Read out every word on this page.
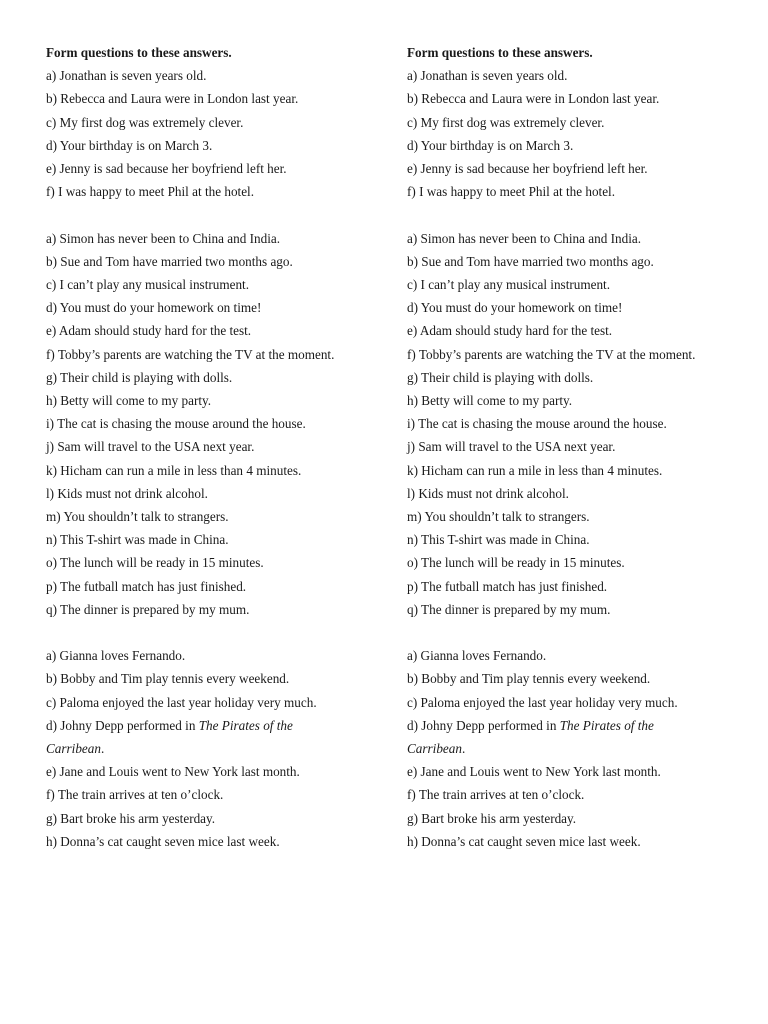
Form questions to these answers.
a) Jonathan is seven years old.
b) Rebecca and Laura were in London last year.
c) My first dog was extremely clever.
d) Your birthday is on March 3.
e) Jenny is sad because her boyfriend left her.
f) I was happy to meet Phil at the hotel.
a) Simon has never been to China and India.
b) Sue and Tom have married two months ago.
c) I can’t play any musical instrument.
d) You must do your homework on time!
e) Adam should study hard for the test.
f) Tobby’s parents are watching the TV at the moment.
g) Their child is playing with dolls.
h) Betty will come to my party.
i) The cat is chasing the mouse around the house.
j) Sam will travel to the USA next year.
k) Hicham can run a mile in less than 4 minutes.
l) Kids must not drink alcohol.
m) You shouldn’t talk to strangers.
n) This T-shirt was made in China.
o) The lunch will be ready in 15 minutes.
p) The futball match has just finished.
q) The dinner is prepared by my mum.
a) Gianna loves Fernando.
b) Bobby and Tim play tennis every weekend.
c) Paloma enjoyed the last year holiday very much.
d) Johny Depp performed in The Pirates of the Carribean.
e) Jane and Louis went to New York last month.
f) The train arrives at ten o’clock.
g) Bart broke his arm yesterday.
h) Donna’s cat caught seven mice last week.
Form questions to these answers.
a) Jonathan is seven years old.
b) Rebecca and Laura were in London last year.
c) My first dog was extremely clever.
d) Your birthday is on March 3.
e) Jenny is sad because her boyfriend left her.
f) I was happy to meet Phil at the hotel.
a) Simon has never been to China and India.
b) Sue and Tom have married two months ago.
c) I can’t play any musical instrument.
d) You must do your homework on time!
e) Adam should study hard for the test.
f) Tobby’s parents are watching the TV at the moment.
g) Their child is playing with dolls.
h) Betty will come to my party.
i) The cat is chasing the mouse around the house.
j) Sam will travel to the USA next year.
k) Hicham can run a mile in less than 4 minutes.
l) Kids must not drink alcohol.
m) You shouldn’t talk to strangers.
n) This T-shirt was made in China.
o) The lunch will be ready in 15 minutes.
p) The futball match has just finished.
q) The dinner is prepared by my mum.
a) Gianna loves Fernando.
b) Bobby and Tim play tennis every weekend.
c) Paloma enjoyed the last year holiday very much.
d) Johny Depp performed in The Pirates of the Carribean.
e) Jane and Louis went to New York last month.
f) The train arrives at ten o’clock.
g) Bart broke his arm yesterday.
h) Donna’s cat caught seven mice last week.
